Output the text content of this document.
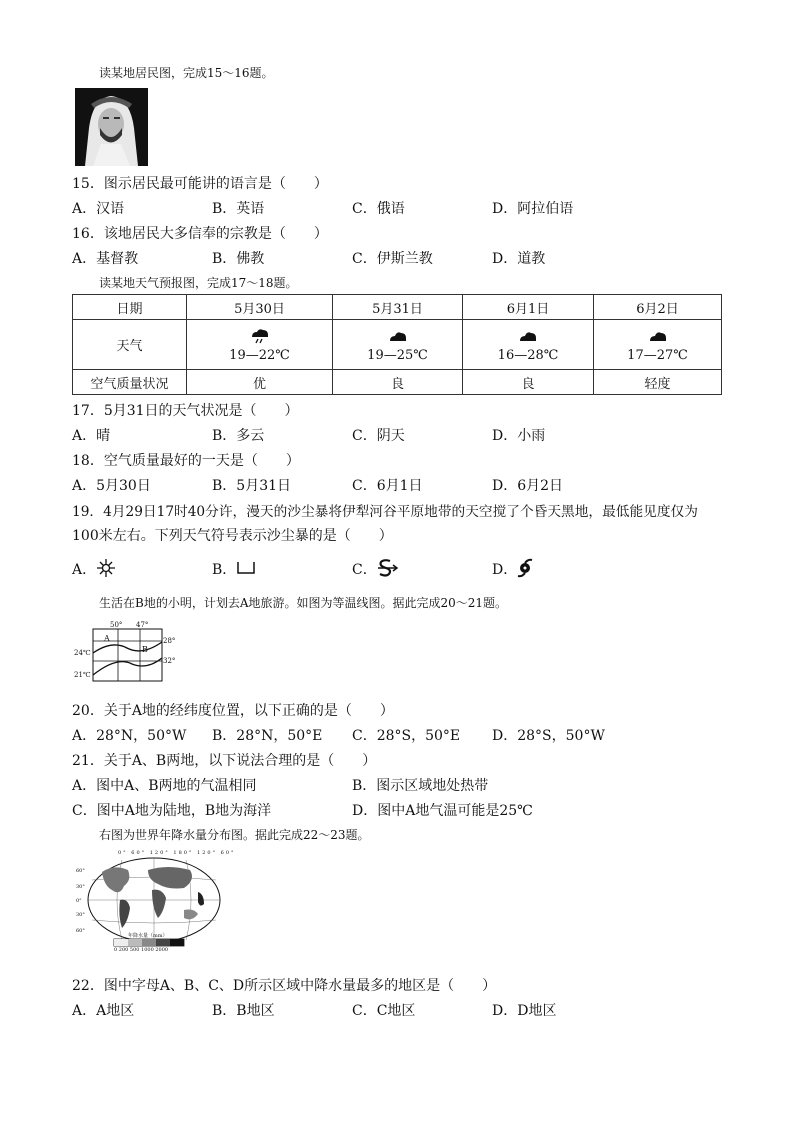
读某地居民图，完成15～16题。
15．图示居民最可能讲的语言是（　　）
A．汉语	B．英语	C．俄语	D．阿拉伯语
16．该地居民大多信奉的宗教是（　　）
A．基督教	B．佛教	C．伊斯兰教	D．道教
读某地天气预报图，完成17～18题。
日期	5月30日	5月31日	6月1日	6月2日
天气	19—22℃	19—25℃	16—28℃	17—27℃
空气质量状况	优	良	良	轻度
17．5月31日的天气状况是（　　）
A．晴	B．多云	C．阴天	D．小雨
18．空气质量最好的一天是（　　）
A．5月30日	B．5月31日	C．6月1日	D．6月2日
19．4月29日17时40分许，漫天的沙尘暴将伊犁河谷平原地带的天空搅了个昏天黑地，最低能见度仅为
100米左右。下列天气符号表示沙尘暴的是（　　）
A．	B．	C．	D．
生活在B地的小明，计划去A地旅游。如图为等温线图。据此完成20～21题。
50° 47°
28°
32°
24℃
21℃
A
B
20．关于A地的经纬度位置，以下正确的是（　　）
A．28°N，50°W B．28°N，50°E C．28°S，50°E D．28°S，50°W
21．关于A、B两地，以下说法合理的是（　　）
A．图中A、B两地的气温相同	B．图示区域地处热带
C．图中A地为陆地，B地为海洋	D．图中A地气温可能是25℃
右图为世界年降水量分布图。据此完成22～23题。
0° 60° 120° 180° 120° 60°
60°
30°
0°
30°
60°
年降水量（mm）
0 200 500 1000 2000
22．图中字母A、B、C、D所示区域中降水量最多的地区是（　　）
A．A地区	B．B地区	C．C地区	D．D地区
